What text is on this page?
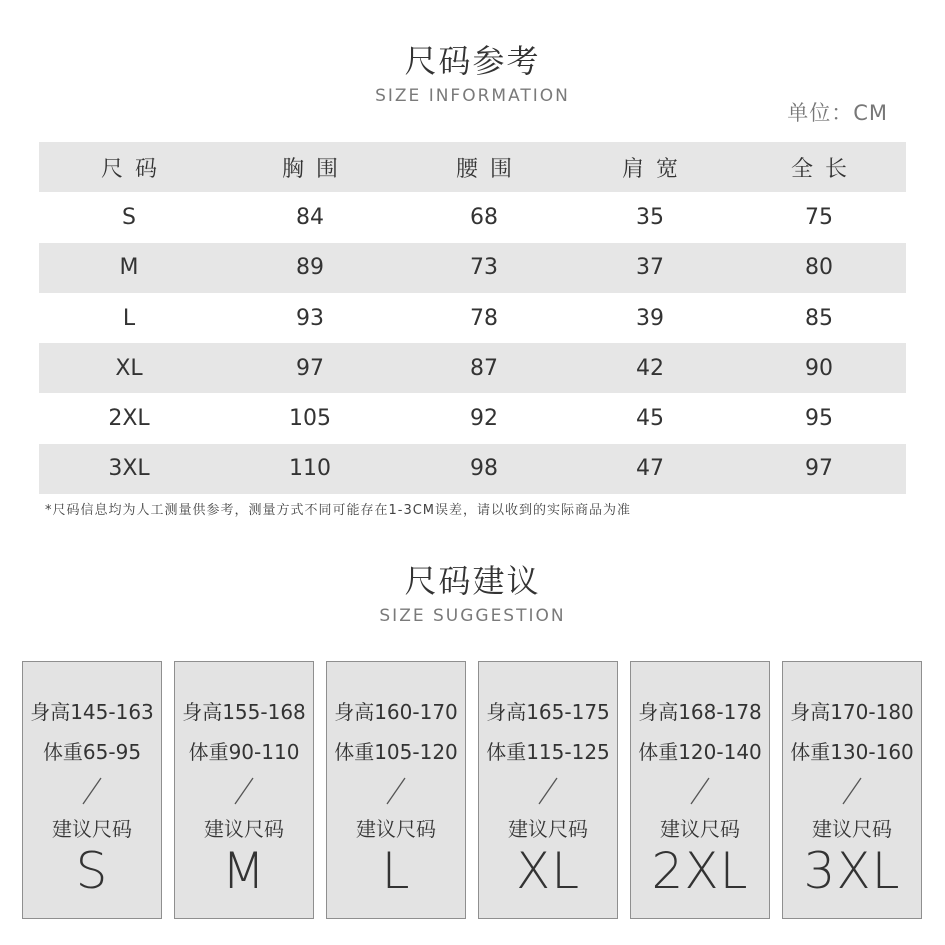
尺码参考
SIZE INFORMATION
单位：CM
尺码	胸围	腰围	肩宽	全长
S	84	68	35	75
M	89	73	37	80
L	93	78	39	85
XL	97	87	42	90
2XL	105	92	45	95
3XL	110	98	47	97
*尺码信息均为人工测量供参考，测量方式不同可能存在1-3CM误差，请以收到的实际商品为准
尺码建议
SIZE SUGGESTION
身高145-163
体重65-95
建议尺码
S
身高155-168
体重90-110
建议尺码
M
身高160-170
体重105-120
建议尺码
L
身高165-175
体重115-125
建议尺码
XL
身高168-178
体重120-140
建议尺码
2XL
身高170-180
体重130-160
建议尺码
3XL
